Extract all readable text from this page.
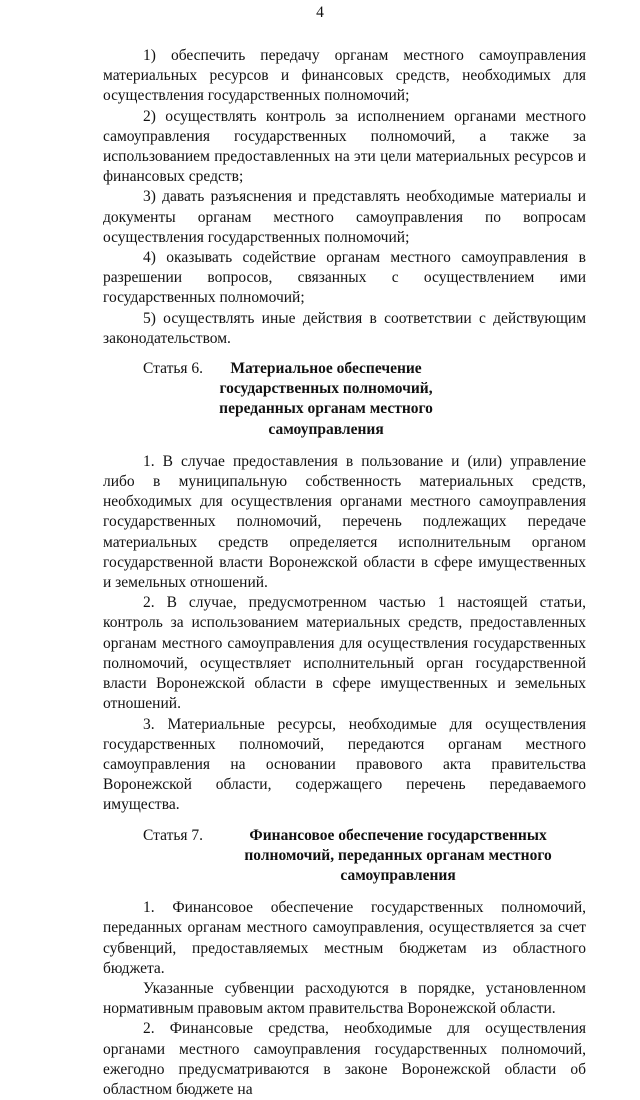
4

1) обеспечить передачу органам местного самоуправления материальных ресурсов и финансовых средств, необходимых для осуществления государственных полномочий;

2) осуществлять контроль за исполнением органами местного самоуправления государственных полномочий, а также за использованием предоставленных на эти цели материальных ресурсов и финансовых средств;

3) давать разъяснения и представлять необходимые материалы и документы органам местного самоуправления по вопросам осуществления государственных полномочий;

4) оказывать содействие органам местного самоуправления в разрешении вопросов, связанных с осуществлением ими государственных полномочий;

5) осуществлять иные действия в соответствии с действующим законодательством.

Статья 6.	Материальное обеспечение государственных полномочий, переданных органам местного самоуправления

1. В случае предоставления в пользование и (или) управление либо в муниципальную собственность материальных средств, необходимых для осуществления органами местного самоуправления государственных полномочий, перечень подлежащих передаче материальных средств определяется исполнительным органом государственной власти Воронежской области в сфере имущественных и земельных отношений.

2. В случае, предусмотренном частью 1 настоящей статьи, контроль за использованием материальных средств, предоставленных органам местного самоуправления для осуществления государственных полномочий, осуществляет исполнительный орган государственной власти Воронежской области в сфере имущественных и земельных отношений.

3. Материальные ресурсы, необходимые для осуществления государственных полномочий, передаются органам местного самоуправления на основании правового акта правительства Воронежской области, содержащего перечень передаваемого имущества.

Статья 7.	Финансовое обеспечение государственных полномочий, переданных органам местного самоуправления

1. Финансовое обеспечение государственных полномочий, переданных органам местного самоуправления, осуществляется за счет субвенций, предоставляемых местным бюджетам из областного бюджета.

Указанные субвенции расходуются в порядке, установленном нормативным правовым актом правительства Воронежской области.

2. Финансовые средства, необходимые для осуществления органами местного самоуправления государственных полномочий, ежегодно предусматриваются в законе Воронежской области об областном бюджете на
